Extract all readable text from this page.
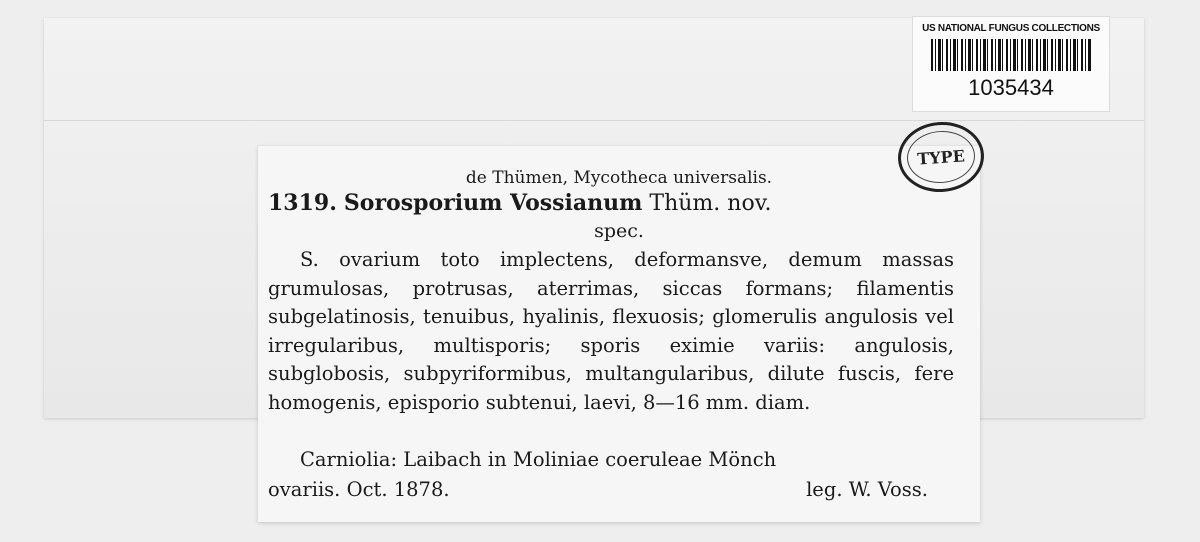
US NATIONAL FUNGUS COLLECTIONS
1035434
de Thümen, Mycotheca universalis.
1319. Sorosporium Vossianum Thüm. nov.
spec.
S. ovarium toto implectens, deformansve, demum massas grumulosas, protrusas, aterrimas, siccas formans; filamentis subgelatinosis, tenuibus, hyalinis, flexuosis; glomerulis angulosis vel irregularibus, multisporis; sporis eximie variis: angulosis, subglobosis, subpyriformibus, multangularibus, dilute fuscis, fere homogenis, episporio subtenui, laevi, 8—16 mm. diam.
Carniolia: Laibach in Moliniae coeruleae Mönch
ovariis. Oct. 1878.	leg. W. Voss.
TYPE
